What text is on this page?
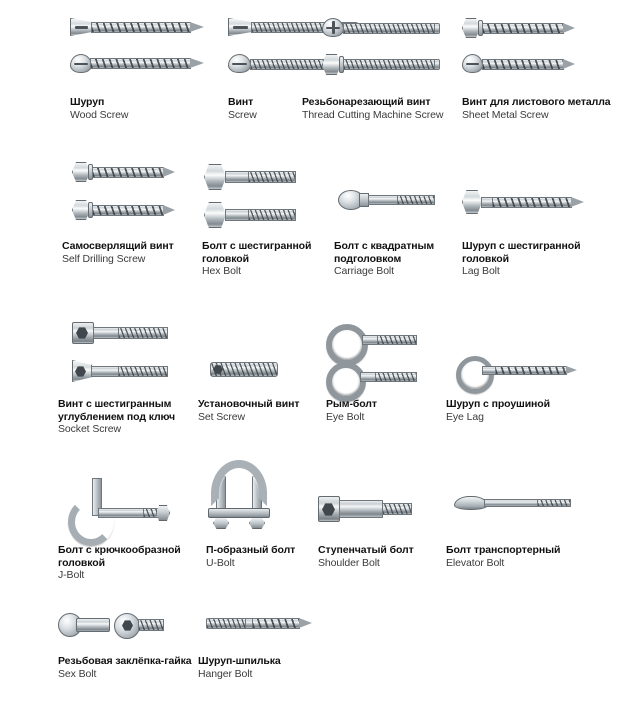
Шуруп
Wood Screw
Винт
Screw
Резьбонарезающий винт
Thread Cutting Machine Screw
Винт для листового металла
Sheet Metal Screw
Самосверлящий винт
Self Drilling Screw
Болт с шестигранной головкой
Hex Bolt
Болт с квадратным подголовком
Carriage Bolt
Шуруп с шестигранной головкой
Lag Bolt
Винт с шестигранным углублением под ключ
Socket Screw
Установочный винт
Set Screw
Рым-болт
Eye Bolt
Шуруп с проушиной
Eye Lag
Болт с крючкообразной головкой
J-Bolt
П-образный болт
U-Bolt
Ступенчатый болт
Shoulder Bolt
Болт транспортерный
Elevator Bolt
Резьбовая заклёпка-гайка
Sex Bolt
Шуруп-шпилька
Hanger Bolt
